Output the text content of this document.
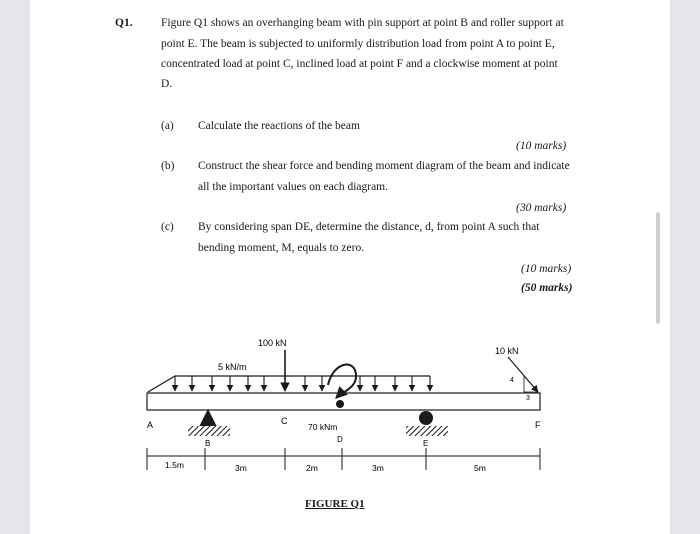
Q1. Figure Q1 shows an overhanging beam with pin support at point B and roller support at
point E. The beam is subjected to uniformly distribution load from point A to point E,
concentrated load at point C, inclined load at point F and a clockwise moment at point
D.
(a) Calculate the reactions of the beam
(10 marks)
(b) Construct the shear force and bending moment diagram of the beam and indicate
all the important values on each diagram.
(30 marks)
(c) By considering span DE, determine the distance, d, from point A such that
bending moment, M, equals to zero.
(10 marks)
(50 marks)
5 kN/m
100 kN
70 kNm
D
10 kN
4
3
B	E
A	C	F
1.5m	3m	2m	3m	5m
FIGURE Q1
